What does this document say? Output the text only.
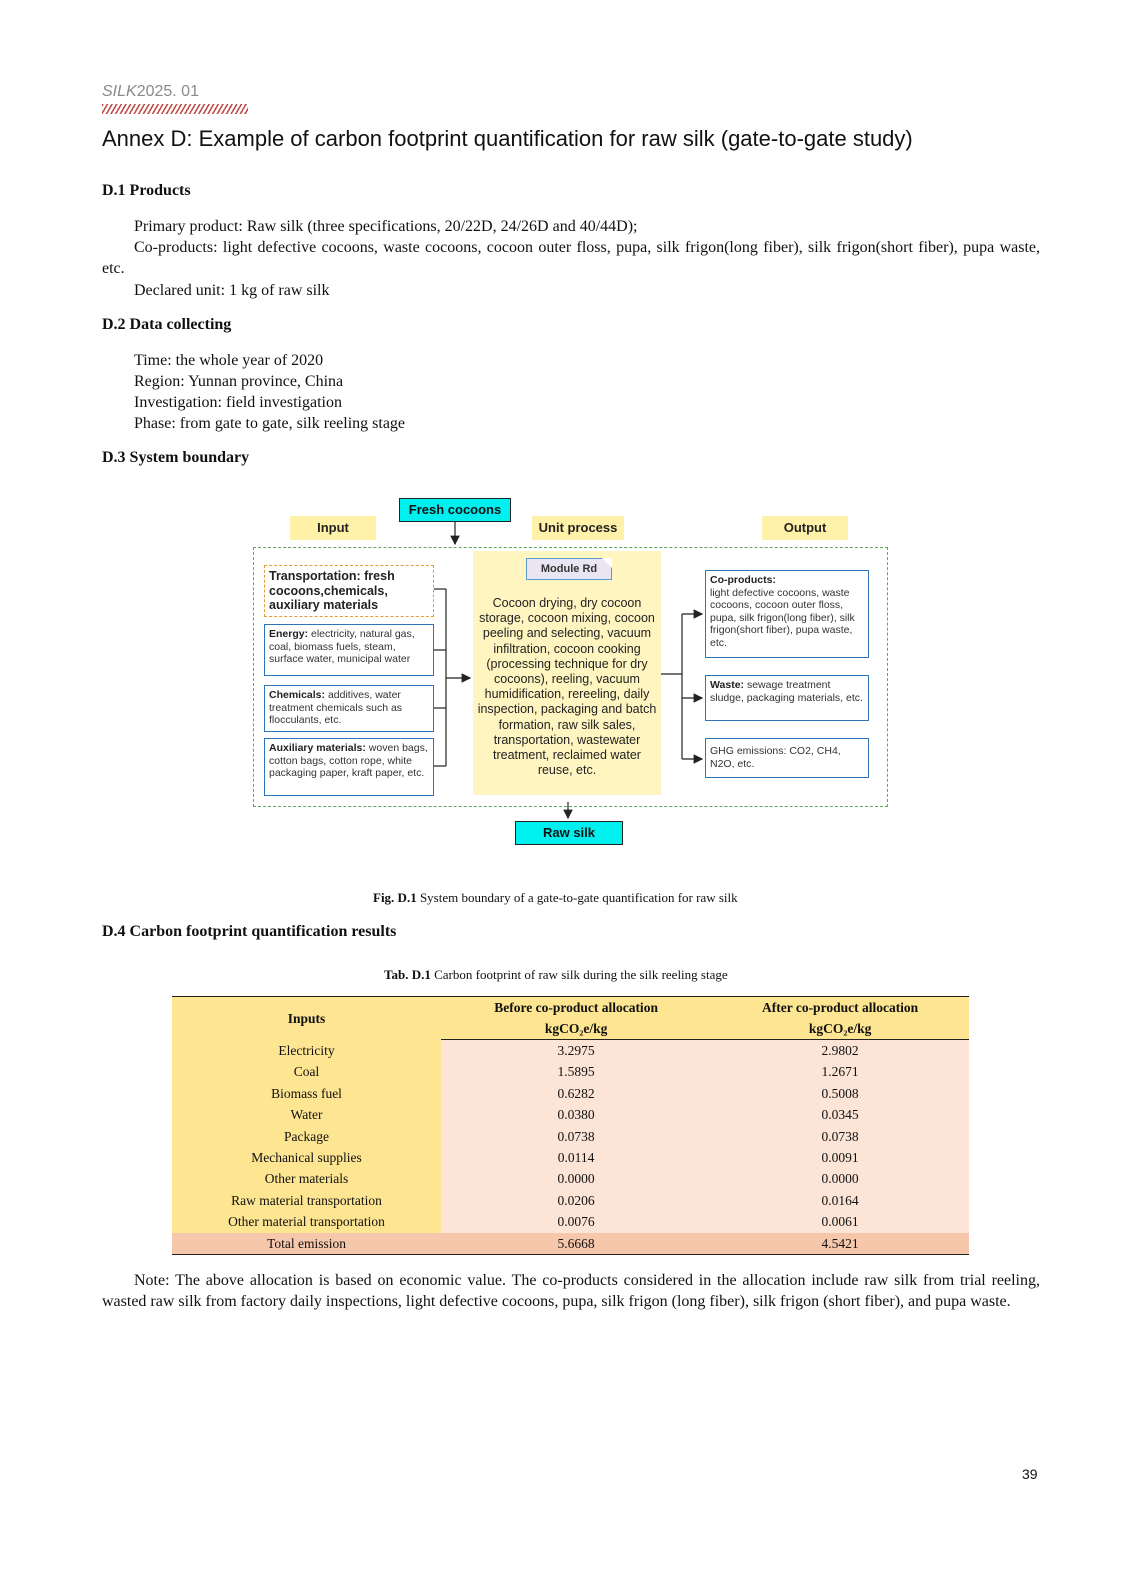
SILK2025. 01
Annex D: Example of carbon footprint quantification for raw silk (gate-to-gate study)
D.1 Products
Primary product: Raw silk (three specifications, 20/22D, 24/26D and 40/44D);
Co-products: light defective cocoons, waste cocoons, cocoon outer floss, pupa, silk frigon(long fiber), silk frigon(short fiber), pupa waste, etc.
Declared unit: 1 kg of raw silk
D.2 Data collecting
Time: the whole year of 2020
Region: Yunnan province, China
Investigation: field investigation
Phase: from gate to gate, silk reeling stage
D.3 System boundary
Input	Unit process	Output
Fresh cocoons
Module Rd
Cocoon drying, dry cocoon storage, cocoon mixing, cocoon peeling and selecting, vacuum infiltration, cocoon cooking (processing technique for dry cocoons), reeling, vacuum humidification, rereeling, daily inspection, packaging and batch formation, raw silk sales, transportation, wastewater treatment, reclaimed water reuse, etc.
Transportation: fresh cocoons,chemicals, auxiliary materials
Energy: electricity, natural gas, coal, biomass fuels, steam, surface water, municipal water
Chemicals: additives, water treatment chemicals such as flocculants, etc.
Auxiliary materials: woven bags, cotton bags, cotton rope, white packaging paper, kraft paper, etc.
Co-products:
light defective cocoons, waste cocoons, cocoon outer floss, pupa, silk frigon(long fiber), silk frigon(short fiber), pupa waste, etc.
Waste: sewage treatment sludge, packaging materials, etc.
GHG emissions: CO2, CH4, N2O, etc.
Raw silk
Fig. D.1 System boundary of a gate-to-gate quantification for raw silk
D.4 Carbon footprint quantification results
Tab. D.1 Carbon footprint of raw silk during the silk reeling stage
Inputs	Before co-product allocation	After co-product allocation
	kgCO₂e/kg	kgCO₂e/kg
Electricity	3.2975	2.9802
Coal	1.5895	1.2671
Biomass fuel	0.6282	0.5008
Water	0.0380	0.0345
Package	0.0738	0.0738
Mechanical supplies	0.0114	0.0091
Other materials	0.0000	0.0000
Raw material transportation	0.0206	0.0164
Other material transportation	0.0076	0.0061
Total emission	5.6668	4.5421
Note: The above allocation is based on economic value. The co-products considered in the allocation include raw silk from trial reeling, wasted raw silk from factory daily inspections, light defective cocoons, pupa, silk frigon (long fiber), silk frigon (short fiber), and pupa waste.
39
